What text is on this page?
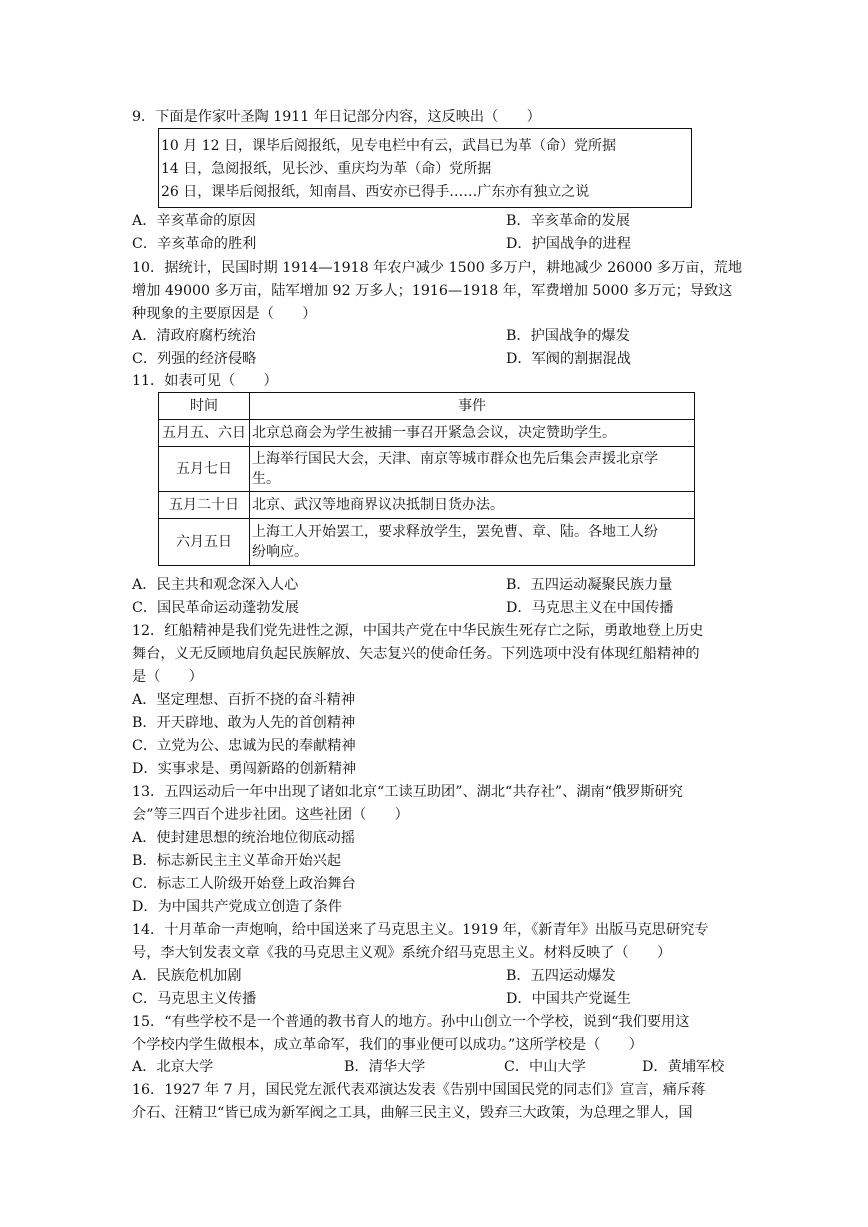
9．下面是作家叶圣陶 1911 年日记部分内容，这反映出（　　）
10 月 12 日，课毕后阅报纸，见专电栏中有云，武昌已为革（命）党所据
14 日，急阅报纸，见长沙、重庆均为革（命）党所据
26 日，课毕后阅报纸，知南昌、西安亦已得手……广东亦有独立之说
A．辛亥革命的原因	B．辛亥革命的发展
C．辛亥革命的胜利	D．护国战争的进程
10．据统计，民国时期 1914—1918 年农户减少 1500 多万户，耕地减少 26000 多万亩，荒地
增加 49000 多万亩，陆军增加 92 万多人；1916—1918 年，军费增加 5000 多万元；导致这
种现象的主要原因是（　　）
A．清政府腐朽统治	B．护国战争的爆发
C．列强的经济侵略	D．军阀的割据混战
11．如表可见（　　）
时间	事件
五月五、六日	北京总商会为学生被捕一事召开紧急会议，决定赞助学生。
五月七日	上海举行国民大会，天津、南京等城市群众也先后集会声援北京学
生。

五月二十日	北京、武汉等地商界议决抵制日货办法。
六月五日	上海工人开始罢工，要求释放学生，罢免曹、章、陆。各地工人纷
纷响应。
A．民主共和观念深入人心	B．五四运动凝聚民族力量
C．国民革命运动蓬勃发展	D．马克思主义在中国传播
12．红船精神是我们党先进性之源，中国共产党在中华民族生死存亡之际，勇敢地登上历史
舞台，义无反顾地肩负起民族解放、矢志复兴的使命任务。下列选项中没有体现红船精神的
是（　　）
A．坚定理想、百折不挠的奋斗精神
B．开天辟地、敢为人先的首创精神
C．立党为公、忠诚为民的奉献精神
D．实事求是、勇闯新路的创新精神
13．五四运动后一年中出现了诸如北京“工读互助团”、湖北“共存社”、湖南“俄罗斯研究
会”等三四百个进步社团。这些社团（　　）
A．使封建思想的统治地位彻底动摇
B．标志新民主主义革命开始兴起
C．标志工人阶级开始登上政治舞台
D．为中国共产党成立创造了条件
14．十月革命一声炮响，给中国送来了马克思主义。1919 年，《新青年》出版马克思研究专
号，李大钊发表文章《我的马克思主义观》系统介绍马克思主义。材料反映了（　　）
A．民族危机加剧	B．五四运动爆发
C．马克思主义传播	D．中国共产党诞生
15．“有些学校不是一个普通的教书育人的地方。孙中山创立一个学校，说到“我们要用这
个学校内学生做根本，成立革命军，我们的事业便可以成功。”这所学校是（　　）
A．北京大学	B．清华大学	C．中山大学	D．黄埔军校
16．1927 年 7 月，国民党左派代表邓演达发表《告别中国国民党的同志们》宣言，痛斥蒋
介石、汪精卫“皆已成为新军阀之工具，曲解三民主义，毁弃三大政策，为总理之罪人，国
